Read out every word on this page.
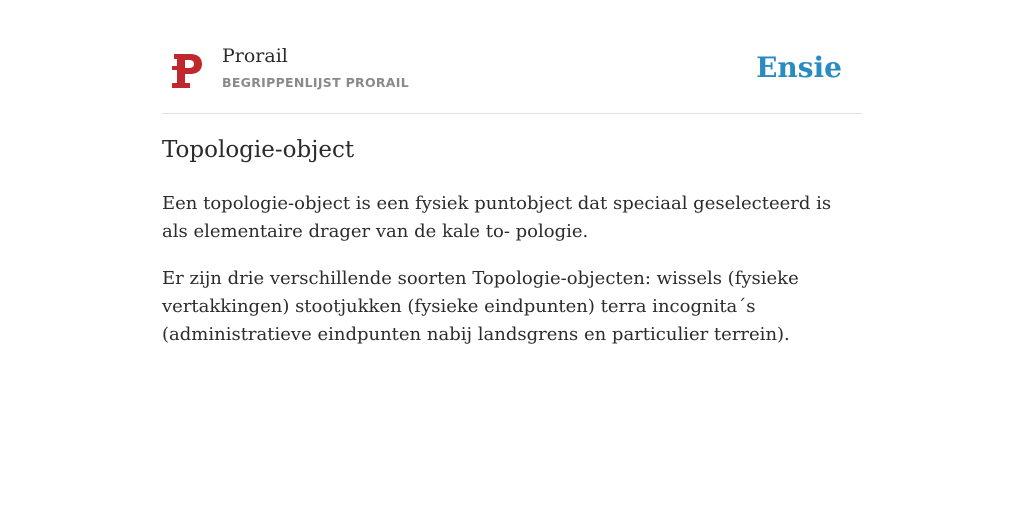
Prorail
BEGRIPPENLIJST PRORAIL	Ensie
Topologie-object
Een topologie-object is een fysiek puntobject dat speciaal geselecteerd is als elementaire drager van de kale to- pologie.
Er zijn drie verschillende soorten Topologie-objecten: wissels (fysieke vertakkingen) stootjukken (fysieke eindpunten) terra incognita´s (administratieve eindpunten nabij landsgrens en particulier terrein).
